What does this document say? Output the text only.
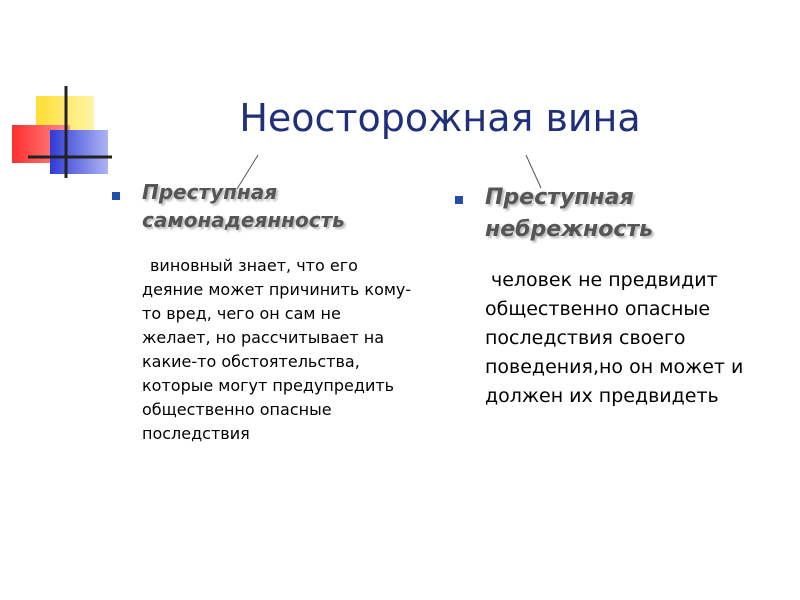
Неосторожная вина
Преступная самонадеянность
виновный знает, что его деяние может причинить кому-то вред, чего он сам не желает, но рассчитывает на какие-то обстоятельства, которые могут предупредить общественно опасные последствия
Преступная небрежность
человек не предвидит общественно опасные последствия своего поведения,но он может и должен их предвидеть
